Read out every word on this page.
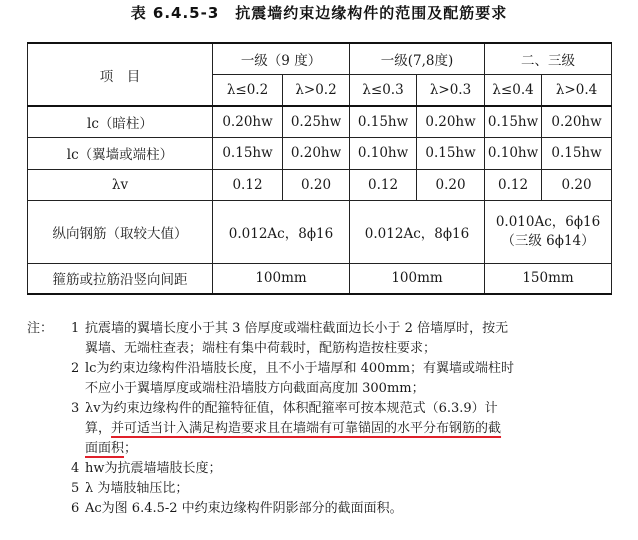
表 6.4.5-3　抗震墙约束边缘构件的范围及配筋要求
项　目	一级（9 度）		一级(7,8度)		二、三级	
	λ≤0.2	λ>0.2	λ≤0.3	λ>0.3	λ≤0.4	λ>0.4
lc（暗柱）	0.20hw	0.25hw	0.15hw	0.20hw	0.15hw	0.20hw
lc（翼墙或端柱）	0.15hw	0.20hw	0.10hw	0.15hw	0.10hw	0.15hw
λv	0.12	0.20	0.12	0.20	0.12	0.20
纵向钢筋（取较大值）	0.012Ac，8ϕ16		0.012Ac，8ϕ16		0.010Ac，6ϕ16
（三级 6ϕ14）	
箍筋或拉筋沿竖向间距	100mm		100mm		150mm	
注： 1 抗震墙的翼墙长度小于其 3 倍厚度或端柱截面边长小于 2 倍墙厚时，按无
翼墙、无端柱查表；端柱有集中荷载时，配筋构造按柱要求；
2 lc为约束边缘构件沿墙肢长度，且不小于墙厚和 400mm；有翼墙或端柱时
不应小于翼墙厚度或端柱沿墙肢方向截面高度加 300mm；
3 λv为约束边缘构件的配箍特征值，体积配箍率可按本规范式（6.3.9）计
算，并可适当计入满足构造要求且在墙端有可靠锚固的水平分布钢筋的截
面面积；
4 hw为抗震墙墙肢长度；
5 λ 为墙肢轴压比；
6 Ac为图 6.4.5-2 中约束边缘构件阴影部分的截面面积。
